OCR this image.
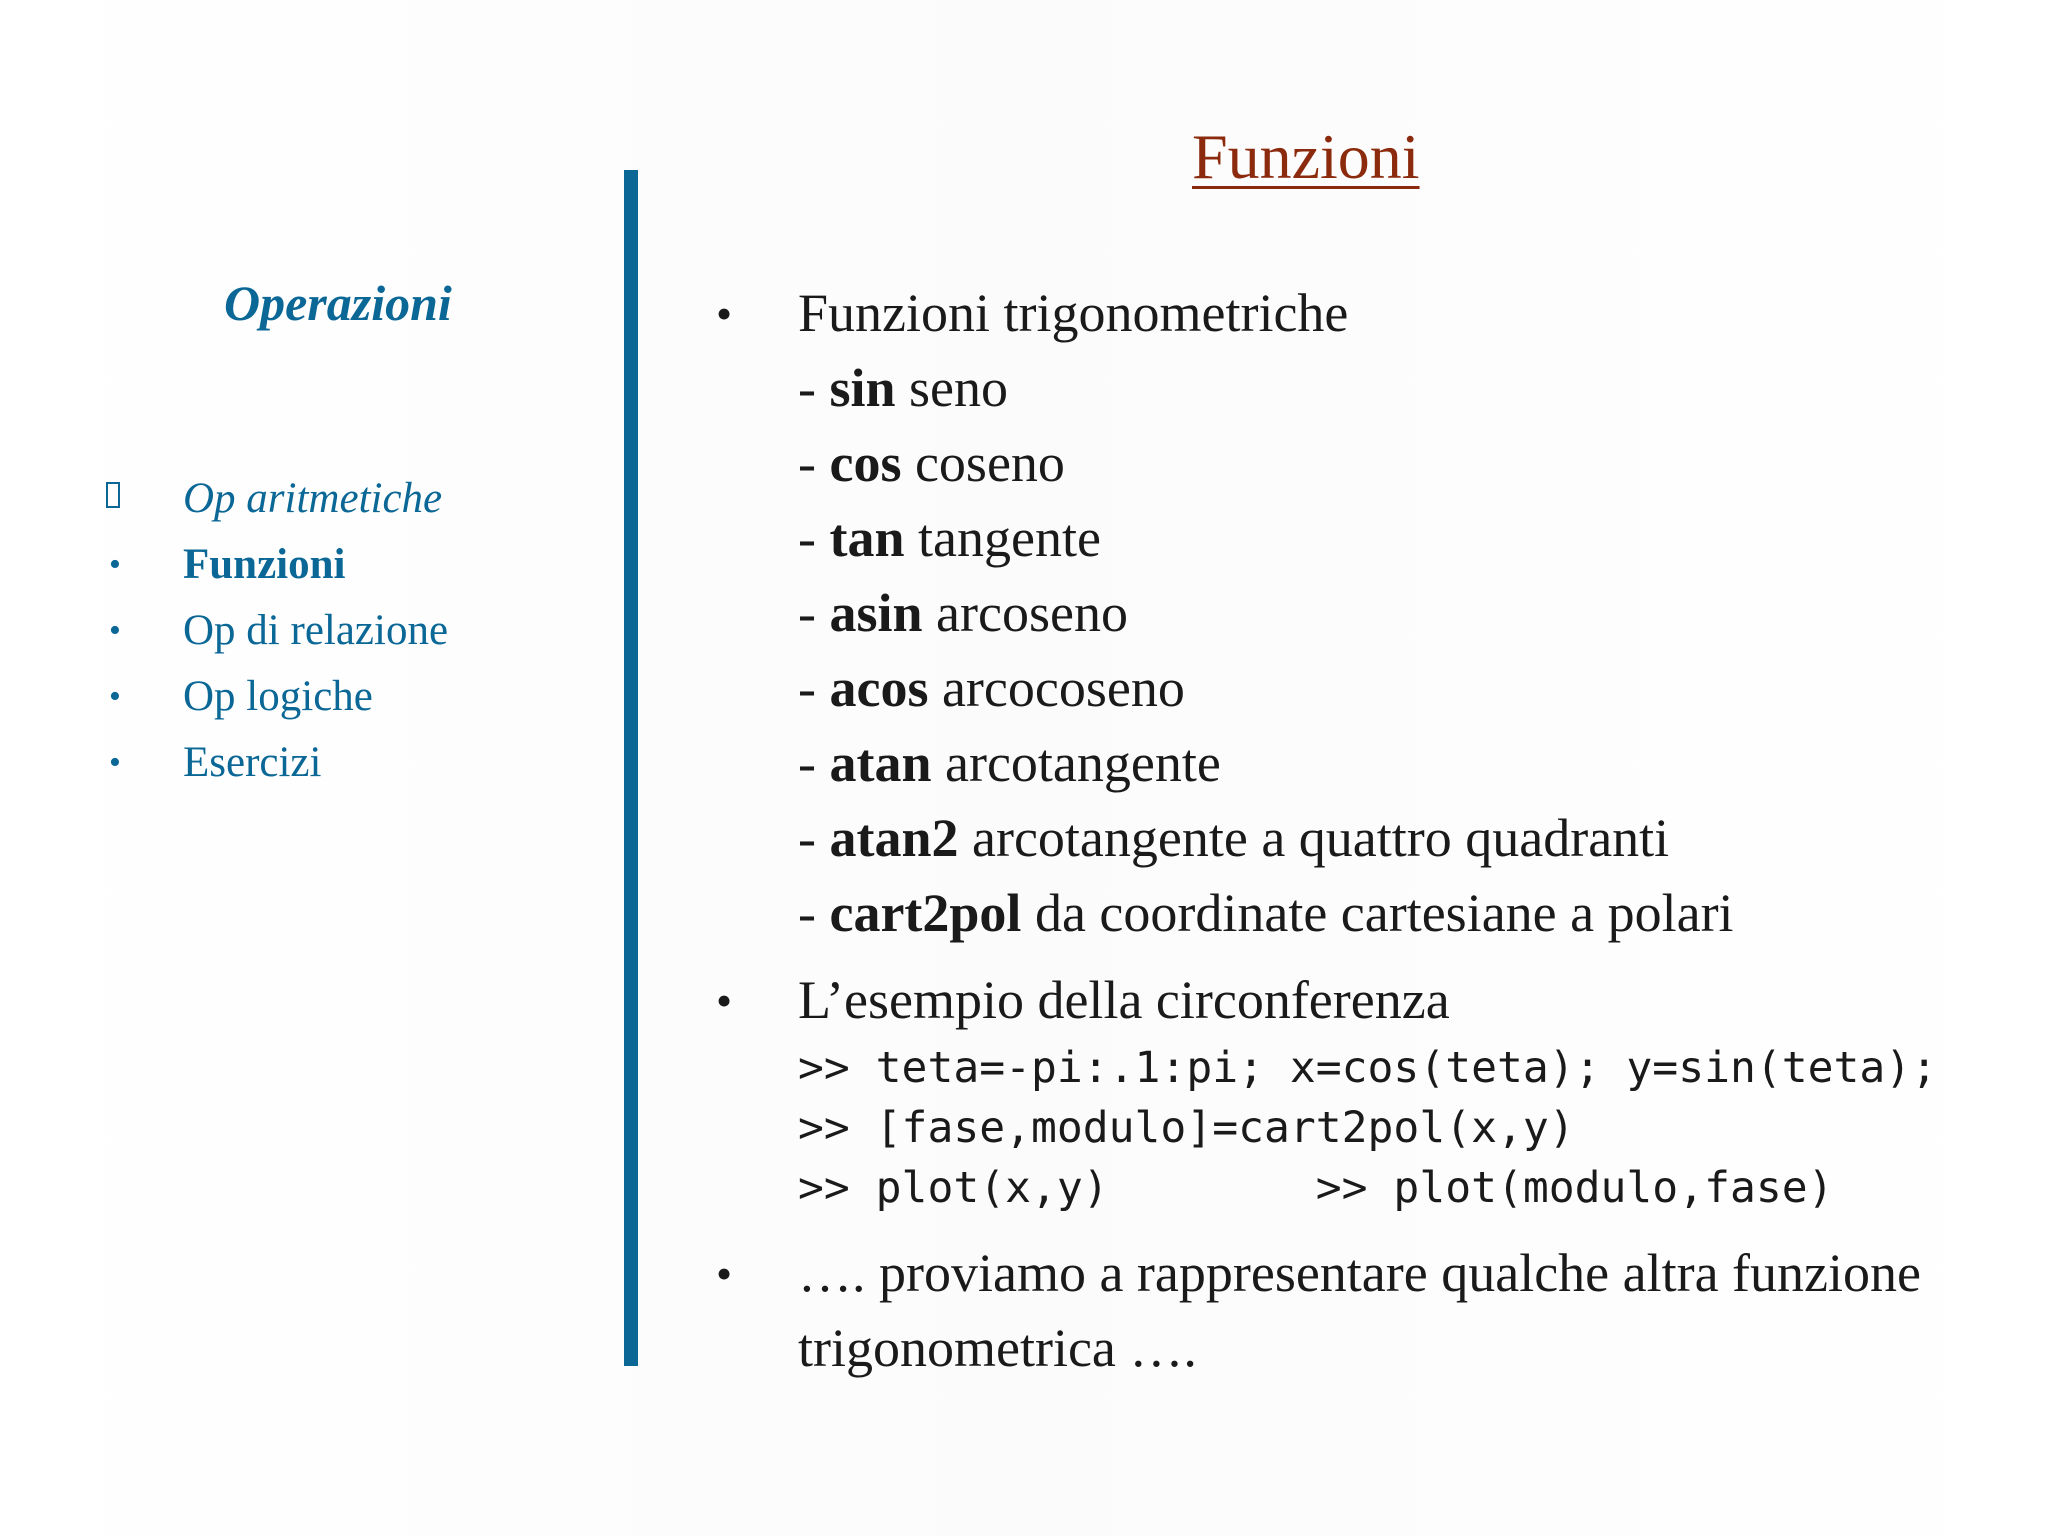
Funzioni
Operazioni
Op aritmetiche
• Funzioni
• Op di relazione
• Op logiche
• Esercizi
• Funzioni trigonometriche
- sin seno
- cos coseno
- tan tangente
- asin arcoseno
- acos arcocoseno
- atan arcotangente
- atan2 arcotangente a quattro quadranti
- cart2pol da coordinate cartesiane a polari
• L’esempio della circonferenza
>> teta=-pi:.1:pi; x=cos(teta); y=sin(teta);
>> [fase,modulo]=cart2pol(x,y)
>> plot(x,y)        >> plot(modulo,fase)
• …. proviamo a rappresentare qualche altra funzione trigonometrica ….
